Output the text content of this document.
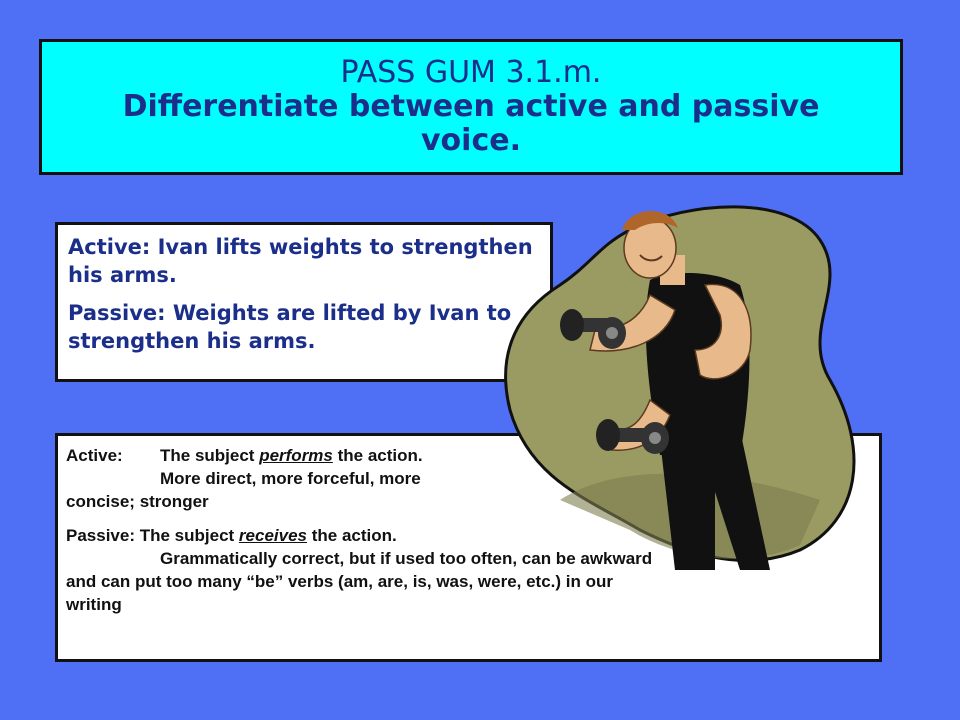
PASS GUM 3.1.m.
Differentiate between active and passive voice.

Active: Ivan lifts weights to strengthen his arms.

Passive: Weights are lifted by Ivan to strengthen his arms.

Active: The subject performs the action.
More direct, more forceful, more
concise; stronger

Passive: The subject receives the action.
Grammatically correct, but if used too often, can be awkward
and can put too many “be” verbs (am, are, is, was, were, etc.) in our
writing
